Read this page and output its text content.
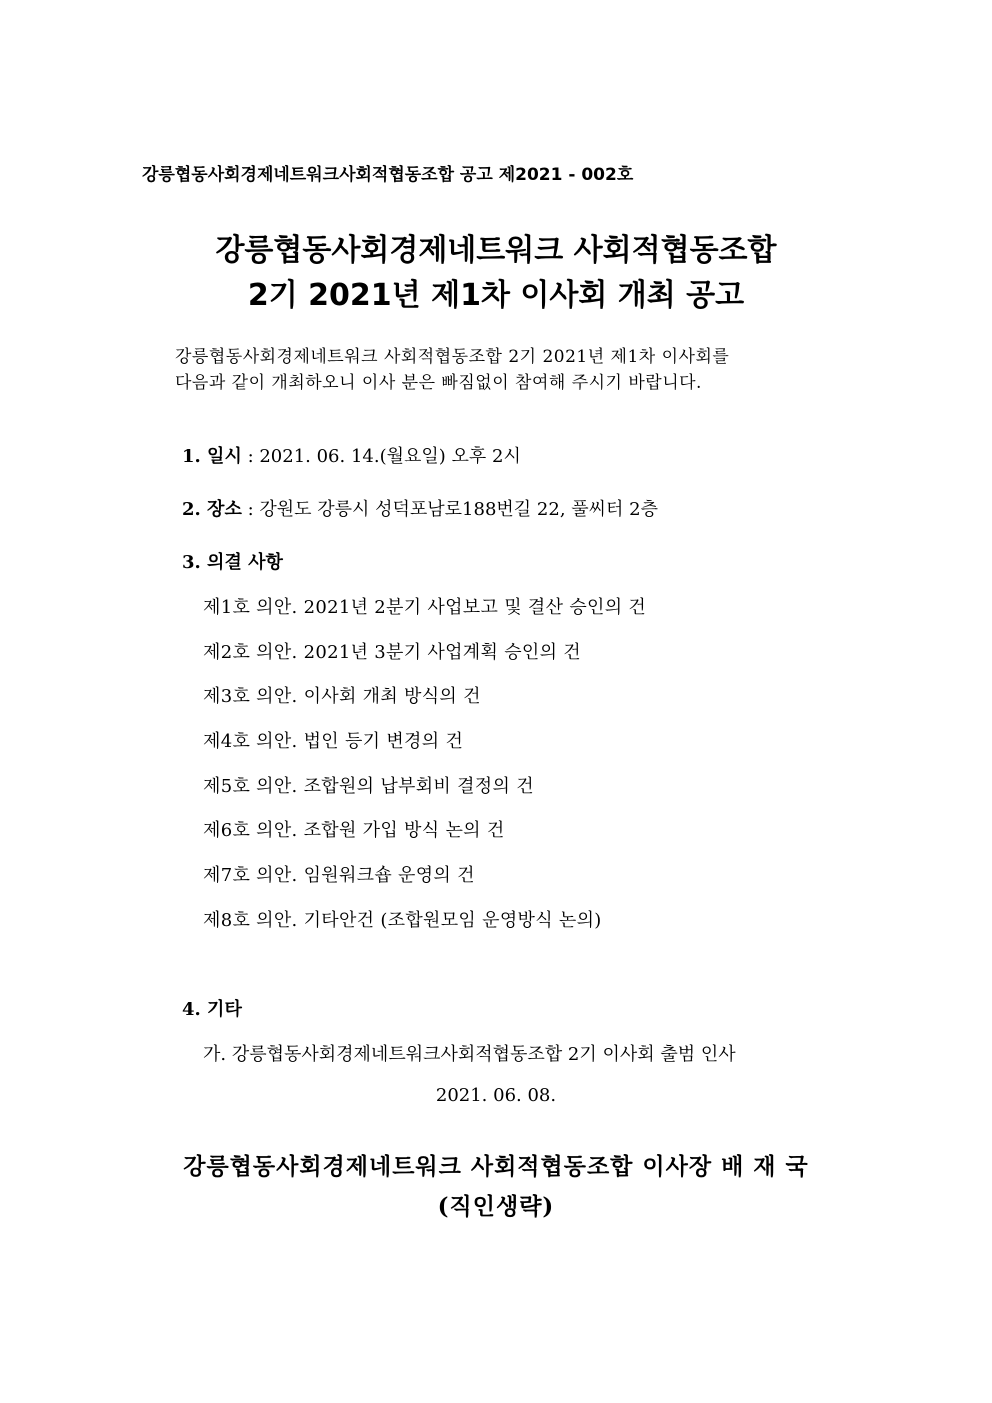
강릉협동사회경제네트워크사회적협동조합 공고 제2021 - 002호
강릉협동사회경제네트워크 사회적협동조합
2기 2021년 제1차 이사회 개최 공고
강릉협동사회경제네트워크 사회적협동조합 2기 2021년 제1차 이사회를
다음과 같이 개최하오니 이사 분은 빠짐없이 참여해 주시기 바랍니다.
1. 일시 : 2021. 06. 14.(월요일) 오후 2시
2. 장소 : 강원도 강릉시 성덕포남로188번길 22, 풀씨터 2층
3. 의결 사항
제1호 의안. 2021년 2분기 사업보고 및 결산 승인의 건
제2호 의안. 2021년 3분기 사업계획 승인의 건
제3호 의안. 이사회 개최 방식의 건
제4호 의안. 법인 등기 변경의 건
제5호 의안. 조합원의 납부회비 결정의 건
제6호 의안. 조합원 가입 방식 논의 건
제7호 의안. 임원워크숍 운영의 건
제8호 의안. 기타안건 (조합원모임 운영방식 논의)
4. 기타
가. 강릉협동사회경제네트워크사회적협동조합 2기 이사회 출범 인사
2021. 06. 08.
강릉협동사회경제네트워크 사회적협동조합 이사장 배 재 국
(직인생략)
